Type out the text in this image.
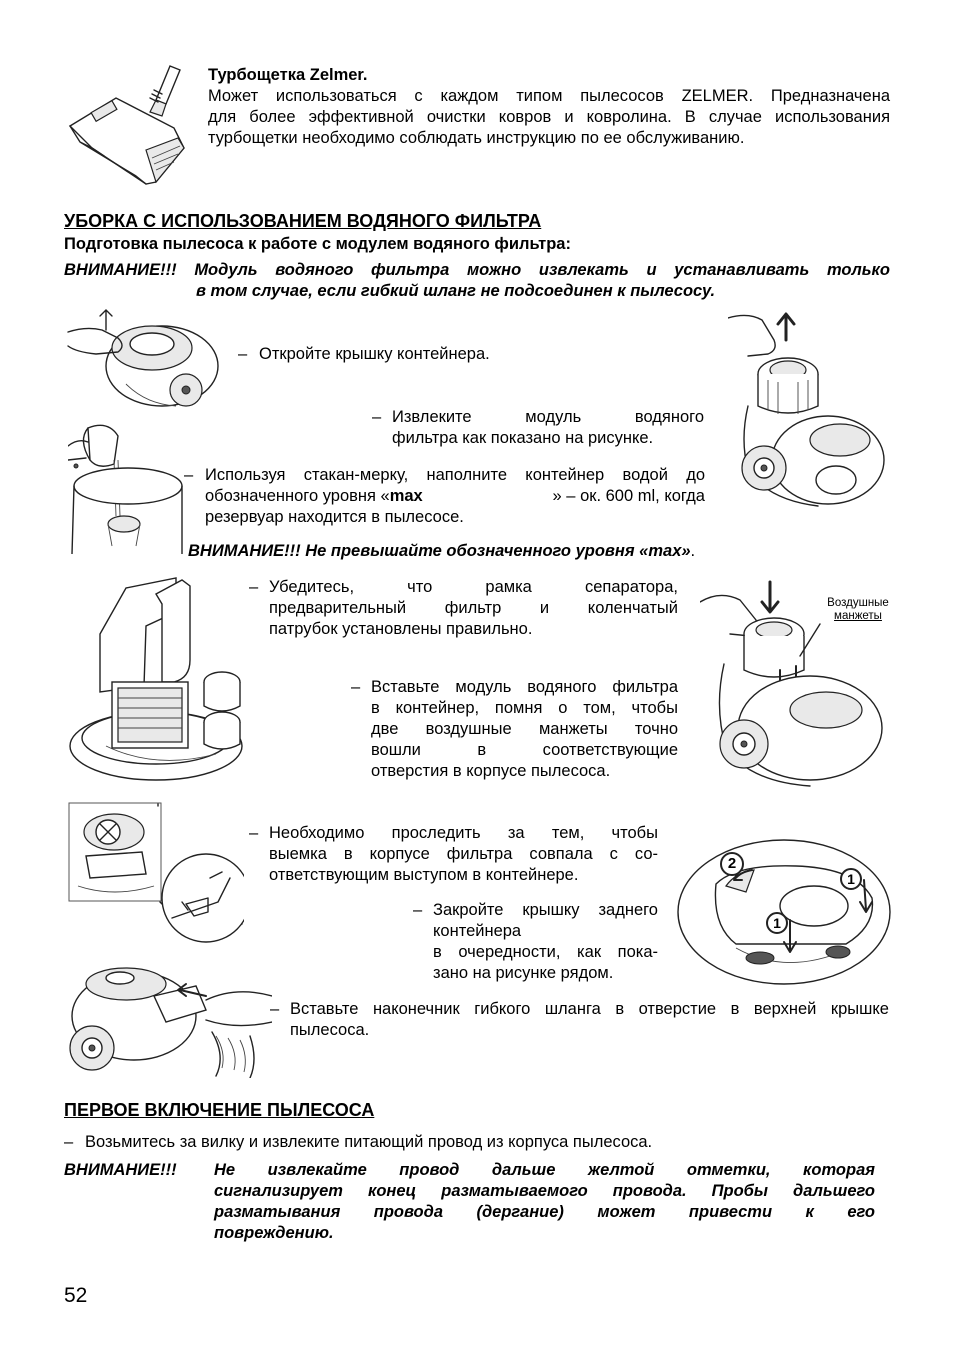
Турбощетка Zelmer.
Может использоваться с каждом типом пылесосов ZELMER. Предназначена
для более эффективной очистки ковров и ковролина. В случае использования
турбощетки необходимо соблюдать инструкцию по ее обслуживанию.
УБОРКА С ИСПОЛЬЗОВАНИЕМ ВОДЯНОГО ФИЛЬТРА
Подготовка пылесоса к работе с модулем водяного фильтра:
ВНИМАНИЕ!!! Модуль водяного фильтра можно извлекать и устанавливать только
в том случае, если гибкий шланг не подсоединен к пылесосу.
– Откройте крышку контейнера.
– Извлеките модуль водяного
фильтра как показано на рисунке.
– Используя стакан-мерку, наполните контейнер водой до
обозначенного уровня « max	» – ок. 600 ml, когда
резервуар находится в пылесосе.
ВНИМАНИЕ!!! Не превышайте обозначенного уровня «max».
– Убедитесь, что рамка сепаратора,
предварительный фильтр и коленчатый
патрубок установлены правильно.
Воздушные
манжеты
– Вставьте модуль водяного фильтра
в контейнер, помня о том, чтобы
две воздушные манжеты точно
вошли в соответствующие
отверстия в корпусе пылесоса.
– Необходимо проследить за тем, чтобы
выемка в корпусе фильтра совпала с со-
ответствующим выступом в контейнере.
2
1
1
– Закройте крышку заднего
контейнера
в очередности, как пока-
зано на рисунке рядом.
– Вставьте наконечник гибкого шланга в отверстие в верхней крышке
пылесоса.
ПЕРВОЕ ВКЛЮЧЕНИЕ ПЫЛЕСОСА
– Возьмитесь за вилку и извлеките питающий провод из корпуса пылесоса.
ВНИМАНИЕ!!! Не извлекайте провод дальше желтой отметки, которая
сигнализирует конец разматываемого провода. Пробы дальшего
разматывания провода (дергание) может привести к его
повреждению.
52
